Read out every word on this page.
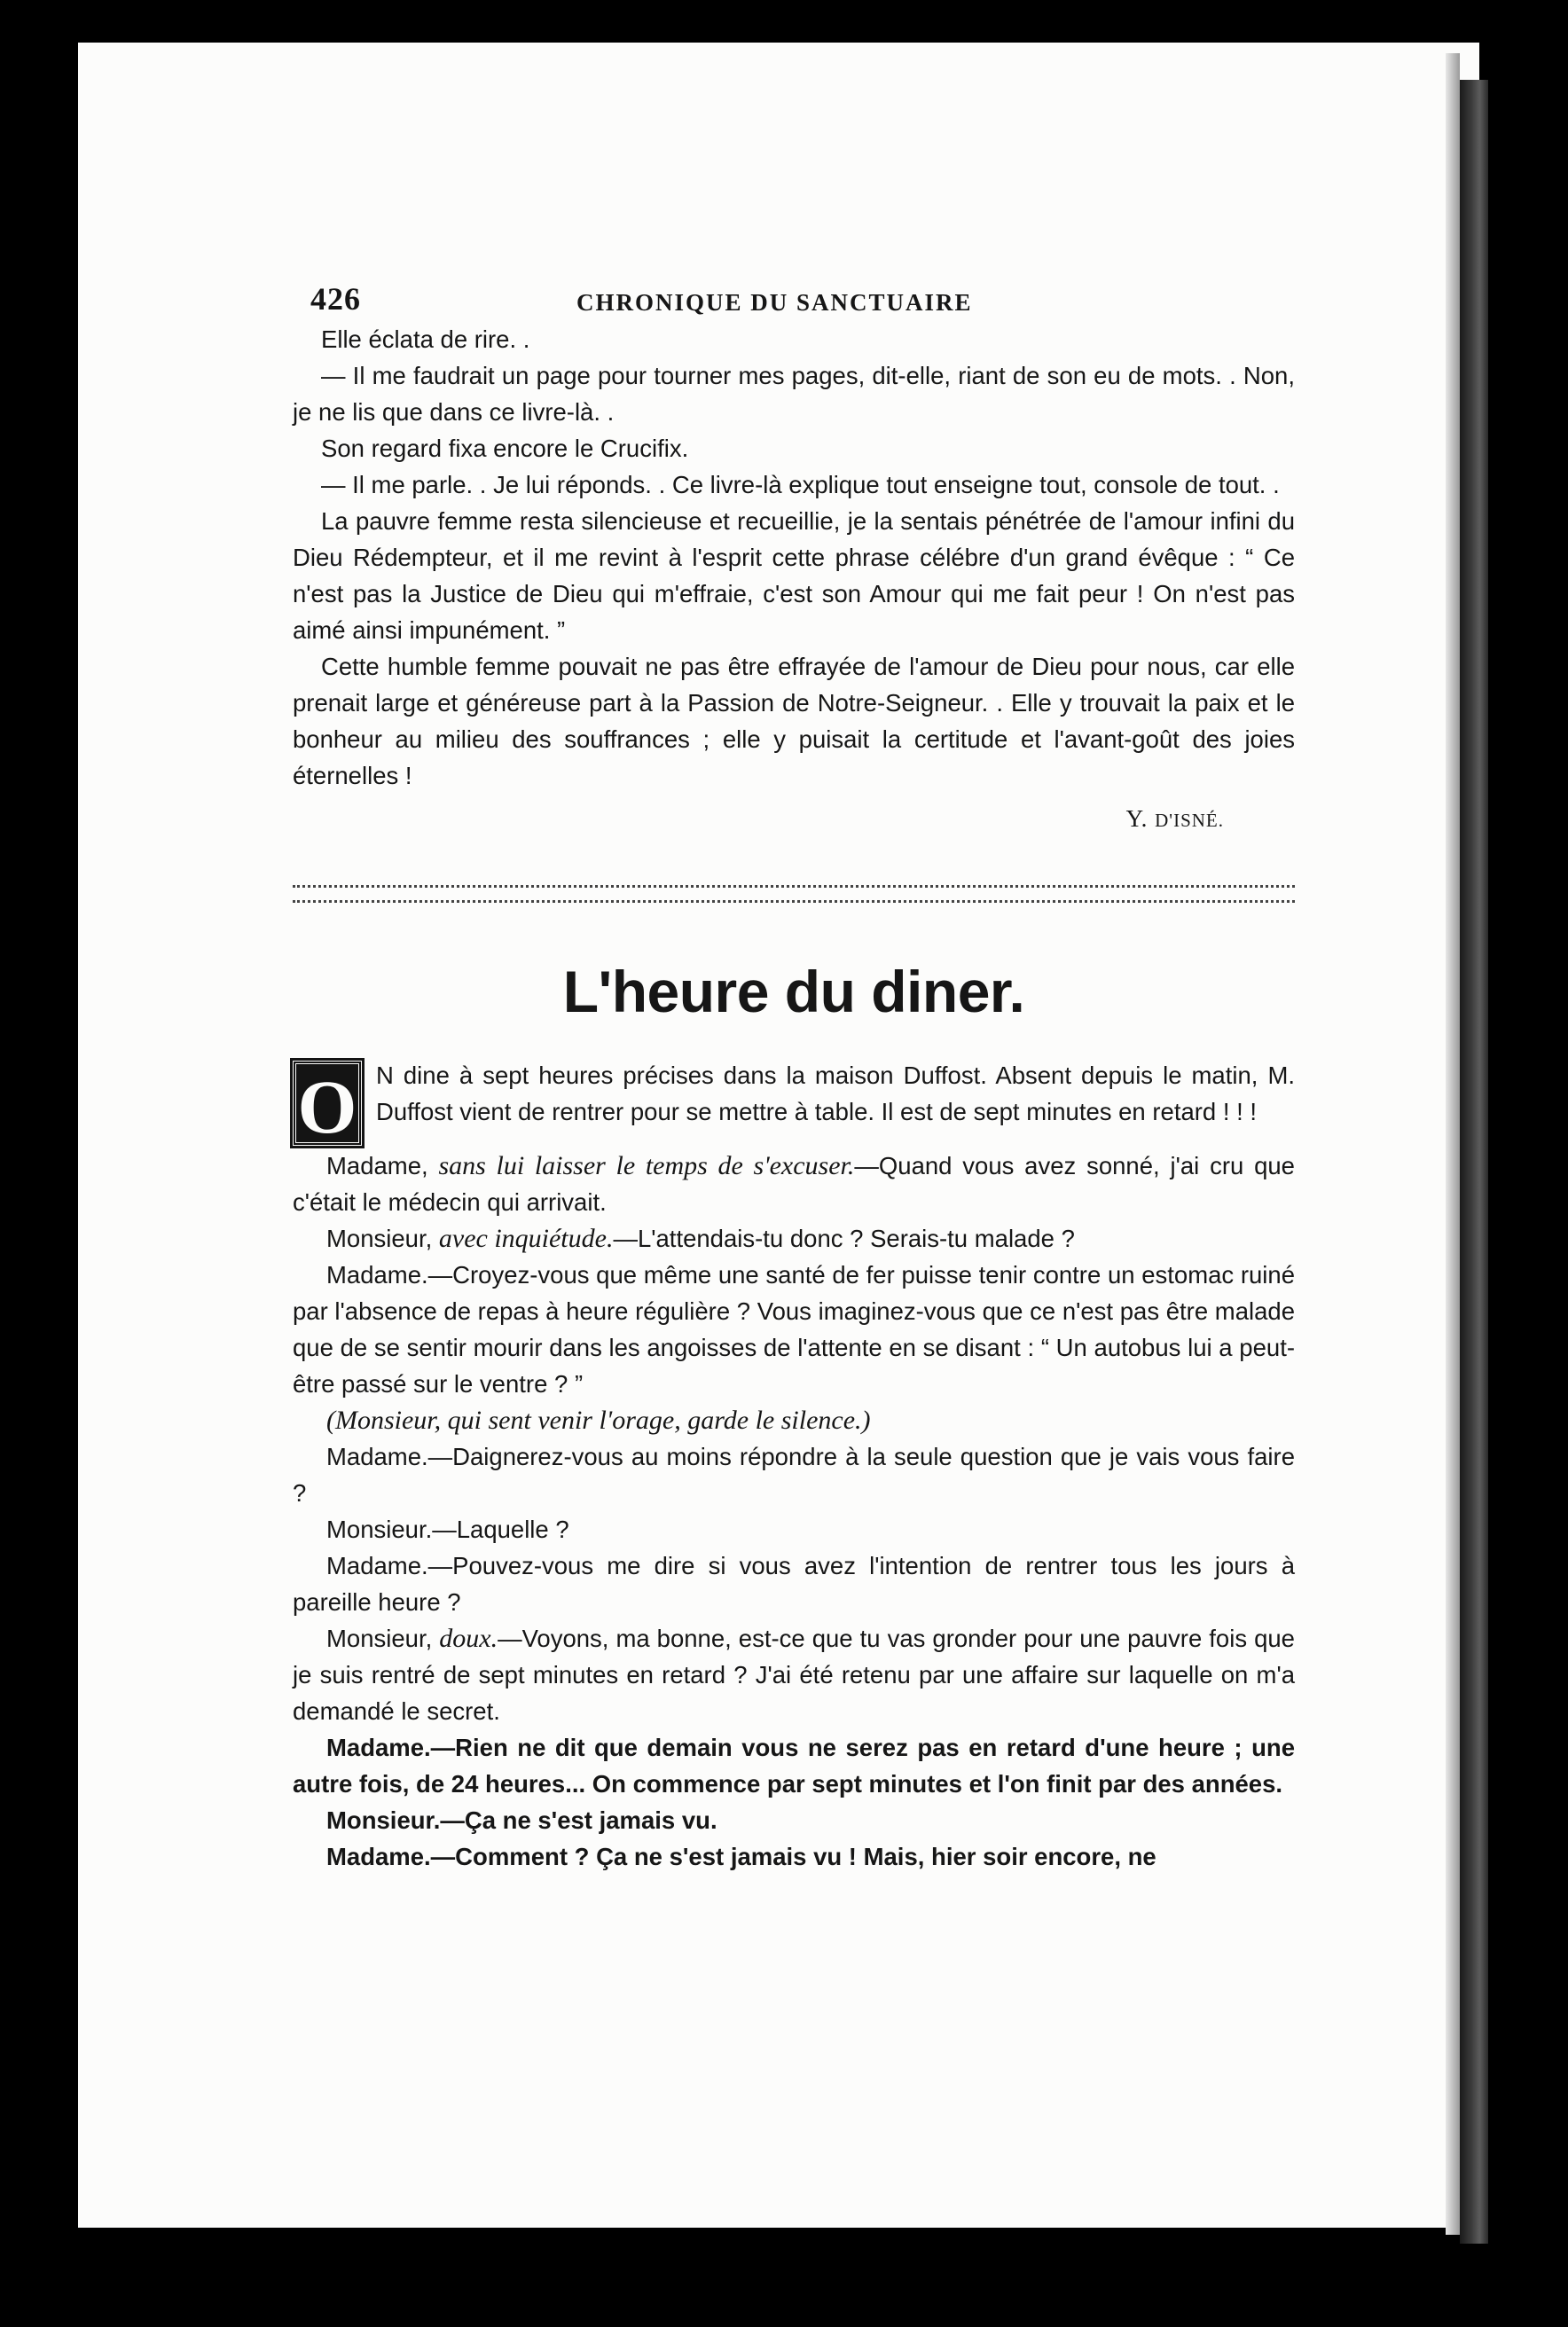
426	CHRONIQUE DU SANCTUAIRE

Elle éclata de rire. .

— Il me faudrait un page pour tourner mes pages, dit-elle, riant de son eu de mots. . Non, je ne lis que dans ce livre-là. .

Son regard fixa encore le Crucifix.

— Il me parle. . Je lui réponds. . Ce livre-là explique tout enseigne tout, console de tout. .

La pauvre femme resta silencieuse et recueillie, je la sentais pénétrée de l'amour infini du Dieu Rédempteur, et il me revint à l'esprit cette phrase célébre d'un grand évêque : “ Ce n'est pas la Justice de Dieu qui m'effraie, c'est son Amour qui me fait peur ! On n'est pas aimé ainsi impunément. ”

Cette humble femme pouvait ne pas être effrayée de l'amour de Dieu pour nous, car elle prenait large et généreuse part à la Passion de Notre-Seigneur. . Elle y trouvait la paix et le bonheur au milieu des souffrances ; elle y puisait la certitude et l'avant-goût des joies éternelles !

Y. D'ISNÉ.
L'heure du diner.

O N dine à sept heures précises dans la maison Duffost. Absent depuis le matin, M. Duffost vient de rentrer pour se mettre à table. Il est de sept minutes en retard ! ! !

Madame, sans lui laisser le temps de s'excuser.—Quand vous avez sonné, j'ai cru que c'était le médecin qui arrivait.

Monsieur, avec inquiétude.—L'attendais-tu donc ? Serais-tu malade ?

Madame.—Croyez-vous que même une santé de fer puisse tenir contre un estomac ruiné par l'absence de repas à heure régulière ? Vous imaginez-vous que ce n'est pas être malade que de se sentir mourir dans les angoisses de l'attente en se disant : “ Un autobus lui a peut-être passé sur le ventre ? ”

(Monsieur, qui sent venir l'orage, garde le silence.)

Madame.—Daignerez-vous au moins répondre à la seule question que je vais vous faire ?

Monsieur.—Laquelle ?

Madame.—Pouvez-vous me dire si vous avez l'intention de rentrer tous les jours à pareille heure ?

Monsieur, doux.—Voyons, ma bonne, est-ce que tu vas gronder pour une pauvre fois que je suis rentré de sept minutes en retard ? J'ai été retenu par une affaire sur laquelle on m'a demandé le secret.

Madame.—Rien ne dit que demain vous ne serez pas en retard d'une heure ; une autre fois, de 24 heures... On commence par sept minutes et l'on finit par des années.

Monsieur.—Ça ne s'est jamais vu.

Madame.—Comment ? Ça ne s'est jamais vu ! Mais, hier soir encore, ne
